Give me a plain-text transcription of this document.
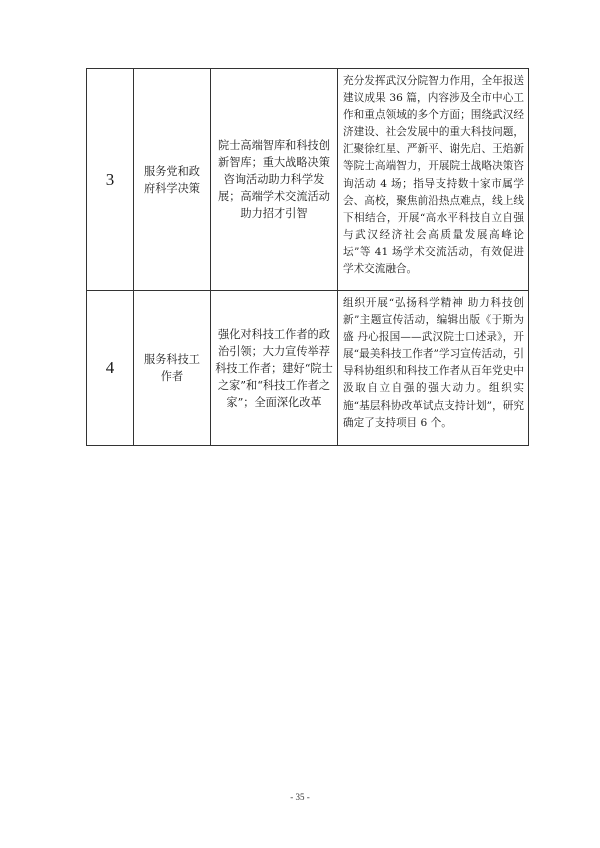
3	服务党和政府科学决策	院士高端智库和科技创新智库；重大战略决策咨询活动助力科学发展；高端学术交流活动助力招才引智	充分发挥武汉分院智力作用，全年报送建议成果 36 篇，内容涉及全市中心工作和重点领域的多个方面；围绕武汉经济建设、社会发展中的重大科技问题，汇聚徐红星、严新平、谢先启、王焰新等院士高端智力，开展院士战略决策咨询活动 4 场；指导支持数十家市属学会、高校，聚焦前沿热点难点，线上线下相结合，开展“高水平科技自立自强与武汉经济社会高质量发展高峰论坛”等 41 场学术交流活动，有效促进学术交流融合。
4	服务科技工作者	强化对科技工作者的政治引领；大力宣传举荐科技工作者；建好“院士之家”和“科技工作者之家”；全面深化改革	组织开展“弘扬科学精神 助力科技创新”主题宣传活动，编辑出版《于斯为盛 丹心报国——武汉院士口述录》，开展“最美科技工作者”学习宣传活动，引导科协组织和科技工作者从百年党史中汲取自立自强的强大动力。组织实施“基层科协改革试点支持计划”，研究确定了支持项目 6 个。
- 35 -
